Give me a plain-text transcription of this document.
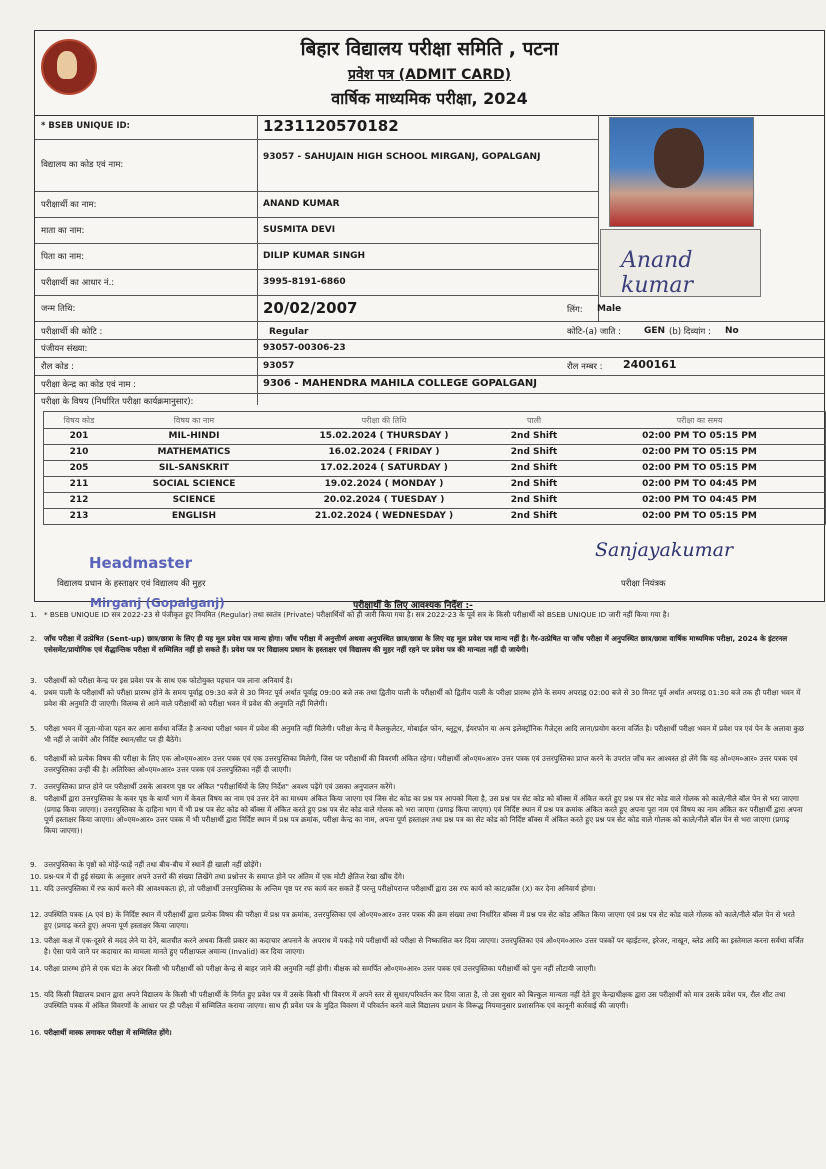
बिहार विद्यालय परीक्षा समिति , पटना
प्रवेश पत्र (ADMIT CARD)
वार्षिक माध्यमिक परीक्षा, 2024
* BSEB UNIQUE ID:	1231120570182
विद्यालय का कोड एवं नाम:
93057 - SAHUJAIN HIGH SCHOOL MIRGANJ, GOPALGANJ
परीक्षार्थी का नाम:	ANAND KUMAR
माता का नाम:	SUSMITA DEVI
पिता का नाम:	DILIP KUMAR SINGH
परीक्षार्थी का आधार नं.:	3995-8191-6860
जन्म तिथि:	20/02/2007	लिंग: Male
Anand kumar
परीक्षार्थी की कोटि :	Regular	कोटि-(a) जाति :	GEN (b) दिव्यांग : No
पंजीयन संख्या:	93057-00306-23
रौल कोड :	93057	रौल नम्बर : 2400161
परीक्षा केन्द्र का कोड एवं नाम :	9306 - MAHENDRA MAHILA COLLEGE GOPALGANJ
परीक्षा के विषय (निर्धारित परीक्षा कार्यक्रमानुसार):
विषय कोड	विषय का नाम	परीक्षा की तिथि	पाली	परीक्षा का समय
201	MIL-HINDI	15.02.2024 ( THURSDAY )	2nd Shift	02:00 PM TO 05:15 PM
210	MATHEMATICS	16.02.2024 ( FRIDAY )	2nd Shift	02:00 PM TO 05:15 PM
205	SIL-SANSKRIT	17.02.2024 ( SATURDAY )	2nd Shift	02:00 PM TO 05:15 PM
211	SOCIAL SCIENCE	19.02.2024 ( MONDAY )	2nd Shift	02:00 PM TO 04:45 PM
212	SCIENCE	20.02.2024 ( TUESDAY )	2nd Shift	02:00 PM TO 04:45 PM
213	ENGLISH	21.02.2024 ( WEDNESDAY )	2nd Shift	02:00 PM TO 05:15 PM
Headmaster
विद्यालय प्रधान के हस्ताक्षर एवं विद्यालय की मुहर
Sanjayakumar
परीक्षा नियंत्रक
Mirganj (Gopalganj)	परीक्षार्थी के लिए आवश्यक निर्देश :-
1. * BSEB UNIQUE ID सत्र 2022-23 से पंजीकृत हुए नियमित (Regular) तथा स्वतंत्र (Private) परीक्षार्थियों को ही जारी किया गया है। सत्र 2022-23 के पूर्व सत्र के किसी परीक्षार्थी को BSEB UNIQUE ID जारी नहीं किया गया है।
2. जाँच परीक्षा में उत्प्रेषित (Sent-up) छात्र/छात्रा के लिए ही यह मूल प्रवेश पत्र मान्य होगा। जाँच परीक्षा में अनुत्तीर्ण अथवा अनुपस्थित छात्र/छात्रा के लिए यह मूल प्रवेश पत्र मान्य नहीं है। गैर-उत्प्रेषित या जाँच परीक्षा में अनुपस्थित छात्र/छात्रा वार्षिक माध्यमिक परीक्षा, 2024 के इंटरनल एसेसमेंट/प्रायोगिक एवं सैद्धान्तिक परीक्षा में सम्मिलित नहीं हो सकते हैं। प्रवेश पत्र पर विद्यालय प्रधान के हस्ताक्षर एवं विद्यालय की मुहर नहीं रहने पर प्रवेश पत्र की मान्यता नहीं दी जायेगी।
3. परीक्षार्थी को परीक्षा केन्द्र पर इस प्रवेश पत्र के साथ एक फोटोयुक्त पहचान पत्र लाना अनिवार्य है।
4. प्रथम पाली के परीक्षार्थी को परीक्षा प्रारम्भ होने के समय पूर्वाह्न 09:30 बजे से 30 मिनट पूर्व अर्थात पूर्वाह्न 09:00 बजे तक तथा द्वितीय पाली के परीक्षार्थी को द्वितीय पाली के परीक्षा प्रारम्भ होने के समय अपराह्न 02:00 बजे से 30 मिनट पूर्व अर्थात अपराह्न 01:30 बजे तक ही परीक्षा भवन में प्रवेश की अनुमति दी जाएगी। विलम्ब से आने वाले परीक्षार्थी को परीक्षा भवन में प्रवेश की अनुमति नहीं मिलेगी।
5. परीक्षा भवन में जूता-मोजा पहन कर आना सर्वथा वर्जित है अन्यथा परीक्षा भवन में प्रवेश की अनुमति नहीं मिलेगी। परीक्षा केन्द्र में कैलकुलेटर, मोबाईल फोन, ब्लूटूथ, ईयरफोन या अन्य इलेक्ट्रॉनिक गैजेट्स आदि लाना/प्रयोग करना वर्जित है। परीक्षार्थी परीक्षा भवन में प्रवेश पत्र एवं पेन के अलावा कुछ भी नहीं ले जायेंगे और निर्दिष्ट स्थान/सीट पर ही बैठेंगे।
6. परीक्षार्थी को प्रत्येक विषय की परीक्षा के लिए एक ओ०एम०आर० उत्तर पत्रक एवं एक उत्तरपुस्तिका मिलेगी, जिस पर परीक्षार्थी की विवरणी अंकित रहेगा। परीक्षार्थी ओ०एम०आर० उत्तर पत्रक एवं उत्तरपुस्तिका प्राप्त करने के उपरांत जाँच कर आश्वस्त हो लेंगे कि यह ओ०एम०आर० उत्तर पत्रक एवं उत्तरपुस्तिका उन्हीं की है। अतिरिक्त ओ०एम०आर० उत्तर पत्रक एवं उत्तरपुस्तिका नहीं दी जाएगी।
7. उत्तरपुस्तिका प्राप्त होने पर परीक्षार्थी उसके आवरण पृष्ठ पर अंकित "परीक्षार्थियों के लिए निर्देश" अवश्य पढ़ेंगे एवं उसका अनुपालन करेंगे।
8. परीक्षार्थी द्वारा उत्तरपुस्तिका के कवर पृष्ठ के बायाँ भाग में केवल विषय का नाम एवं उत्तर देने का माध्यम अंकित किया जाएगा एवं जिस सेट कोड का प्रश्न पत्र आपको मिला है, उस प्रश्न पत्र सेट कोड को बॉक्स में अंकित करते हुए प्रश्न पत्र सेट कोड वाले गोलक को काले/नीले बॉल पेन से भरा जाएगा (प्रगाढ़ किया जाएगा)। उत्तरपुस्तिका के दाहिना भाग में भी प्रश्न पत्र सेट कोड को बॉक्स में अंकित करते हुए प्रश्न पत्र सेट कोड वाले गोलक को भरा जाएगा (प्रगाढ़ किया जाएगा) एवं निर्दिष्ट स्थान में प्रश्न पत्र क्रमांक अंकित करते हुए अपना पूरा नाम एवं विषय का नाम अंकित कर परीक्षार्थी द्वारा अपना पूर्ण हस्ताक्षर किया जाएगा। ओ०एम०आर० उत्तर पत्रक में भी परीक्षार्थी द्वारा निर्दिष्ट स्थान में प्रश्न पत्र क्रमांक, परीक्षा केन्द्र का नाम, अपना पूर्ण हस्ताक्षर तथा प्रश्न पत्र का सेट कोड को निर्दिष्ट बॉक्स में अंकित करते हुए प्रश्न पत्र सेट कोड वाले गोलक को काले/नीले बॉल पेन से भरा जाएगा (प्रगाढ़ किया जाएगा)।
9. उत्तरपुस्तिका के पृष्ठों को मोड़ें-फाड़ें नहीं तथा बीच-बीच में स्थानें ही खाली नहीं छोड़ेंगे।
10. प्रश्न-पत्र में दी हुई संख्या के अनुसार अपने उत्तरों की संख्या लिखेंगे तथा प्रश्नोत्तर के समाप्त होने पर अंतिम में एक मोटी क्षैतिज रेखा खींच देंगे।
11. यदि उत्तरपुस्तिका में रफ कार्य करने की आवश्यकता हो, तो परीक्षार्थी उत्तरपुस्तिका के अन्तिम पृष्ठ पर रफ कार्य कर सकते हैं परन्तु परीक्षोपरान्त परीक्षार्थी द्वारा उस रफ कार्य को काट/क्रॉस (X) कर देना अनिवार्य होगा।
12. उपस्थिति पत्रक (A एवं B) के निर्दिष्ट स्थान में परीक्षार्थी द्वारा प्रत्येक विषय की परीक्षा में प्रश्न पत्र क्रमांक, उत्तरपुस्तिका एवं ओ०एम०आर० उत्तर पत्रक की क्रम संख्या तथा निर्धारित बॉक्स में प्रश्न पत्र सेट कोड अंकित किया जाएगा एवं प्रश्न पत्र सेट कोड वाले गोलक को काले/नीले बॉल पेन से भरते हुए (प्रगाढ़ करते हुए) अपना पूर्ण हस्ताक्षर किया जाएगा।
13. परीक्षा कक्ष में एक-दूसरे से मदद लेने या देने, बातचीत करने अथवा किसी प्रकार का कदाचार अपनाने के अपराध में पकड़े गये परीक्षार्थी को परीक्षा से निष्कासित कर दिया जाएगा। उत्तरपुस्तिका एवं ओ०एम०आर० उत्तर पत्रकों पर व्हाईटनर, इरेजर, नाखून, ब्लेड आदि का इस्तेमाल करना सर्वथा वर्जित है। ऐसा पाये जाने पर कदाचार का मामला मानते हुए परीक्षाफल अमान्य (Invalid) कर दिया जाएगा।
14. परीक्षा प्रारम्भ होने से एक घंटा के अंदर किसी भी परीक्षार्थी को परीक्षा केन्द्र से बाहर जाने की अनुमति नहीं होगी। वीक्षक को समर्पित ओ०एम०आर० उत्तर पत्रक एवं उत्तरपुस्तिका परीक्षार्थी को पुनः नहीं लौटायी जाएगी।
15. यदि किसी विद्यालय प्रधान द्वारा अपने विद्यालय के किसी भी परीक्षार्थी के निर्गत हुए प्रवेश पत्र में उसके किसी भी विवरण में अपने स्तर से सुधार/परिवर्तन कर दिया जाता है, तो उस सुधार को बिल्कुल मान्यता नहीं देते हुए केन्द्राधीक्षक द्वारा उस परीक्षार्थी को मात्र उसके प्रवेश पत्र, रौल शीट तथा उपस्थिति पत्रक में अंकित विवरणों के आधार पर ही परीक्षा में सम्मिलित कराया जाएगा। साथ ही प्रवेश पत्र के मुद्रित विवरण में परिवर्तन करने वाले विद्यालय प्रधान के विरूद्ध नियमानुसार प्रशासनिक एवं कानूनी कार्रवाई की जाएगी।
16. परीक्षार्थी मास्क लगाकर परीक्षा में सम्मिलित होंगे।
